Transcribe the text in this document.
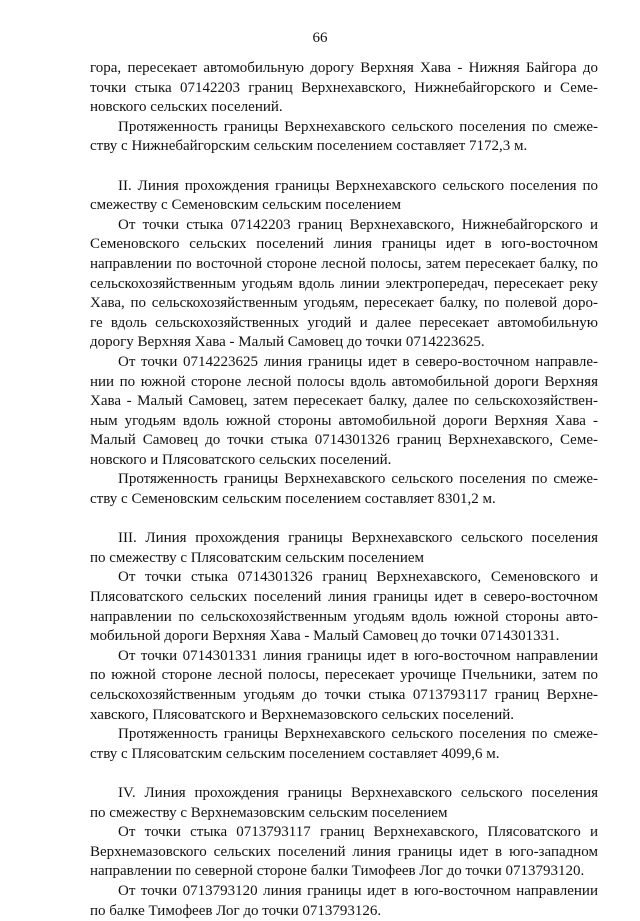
66
гора, пересекает автомобильную дорогу Верхняя Хава - Нижняя Байгора до
точки стыка 07142203 границ Верхнехавского, Нижнебайгорского и Семе-
новского сельских поселений.
Протяженность границы Верхнехавского сельского поселения по смеже-
ству с Нижнебайгорским сельским поселением составляет 7172,3 м.
II. Линия прохождения границы Верхнехавского сельского поселения по
смежеству с Семеновским сельским поселением
От точки стыка 07142203 границ Верхнехавского, Нижнебайгорского и
Семеновского сельских поселений линия границы идет в юго-восточном
направлении по восточной стороне лесной полосы, затем пересекает балку, по
сельскохозяйственным угодьям вдоль линии электропередач, пересекает реку
Хава, по сельскохозяйственным угодьям, пересекает балку, по полевой доро-
ге вдоль сельскохозяйственных угодий и далее пересекает автомобильную
дорогу Верхняя Хава - Малый Самовец до точки 0714223625.
От точки 0714223625 линия границы идет в северо-восточном направле-
нии по южной стороне лесной полосы вдоль автомобильной дороги Верхняя
Хава - Малый Самовец, затем пересекает балку, далее по сельскохозяйствен-
ным угодьям вдоль южной стороны автомобильной дороги Верхняя Хава -
Малый Самовец до точки стыка 0714301326 границ Верхнехавского, Семе-
новского и Плясоватского сельских поселений.
Протяженность границы Верхнехавского сельского поселения по смеже-
ству с Семеновским сельским поселением составляет 8301,2 м.
III. Линия прохождения границы Верхнехавского сельского поселения
по смежеству с Плясоватским сельским поселением
От точки стыка 0714301326 границ Верхнехавского, Семеновского и
Плясоватского сельских поселений линия границы идет в северо-восточном
направлении по сельскохозяйственным угодьям вдоль южной стороны авто-
мобильной дороги Верхняя Хава - Малый Самовец до точки 0714301331.
От точки 0714301331 линия границы идет в юго-восточном направлении
по южной стороне лесной полосы, пересекает урочище Пчельники, затем по
сельскохозяйственным угодьям до точки стыка 0713793117 границ Верхне-
хавского, Плясоватского и Верхнемазовского сельских поселений.
Протяженность границы Верхнехавского сельского поселения по смеже-
ству с Плясоватским сельским поселением составляет 4099,6 м.
IV. Линия прохождения границы Верхнехавского сельского поселения
по смежеству с Верхнемазовским сельским поселением
От точки стыка 0713793117 границ Верхнехавского, Плясоватского и
Верхнемазовского сельских поселений линия границы идет в юго-западном
направлении по северной стороне балки Тимофеев Лог до точки 0713793120.
От точки 0713793120 линия границы идет в юго-восточном направлении
по балке Тимофеев Лог до точки 0713793126.
